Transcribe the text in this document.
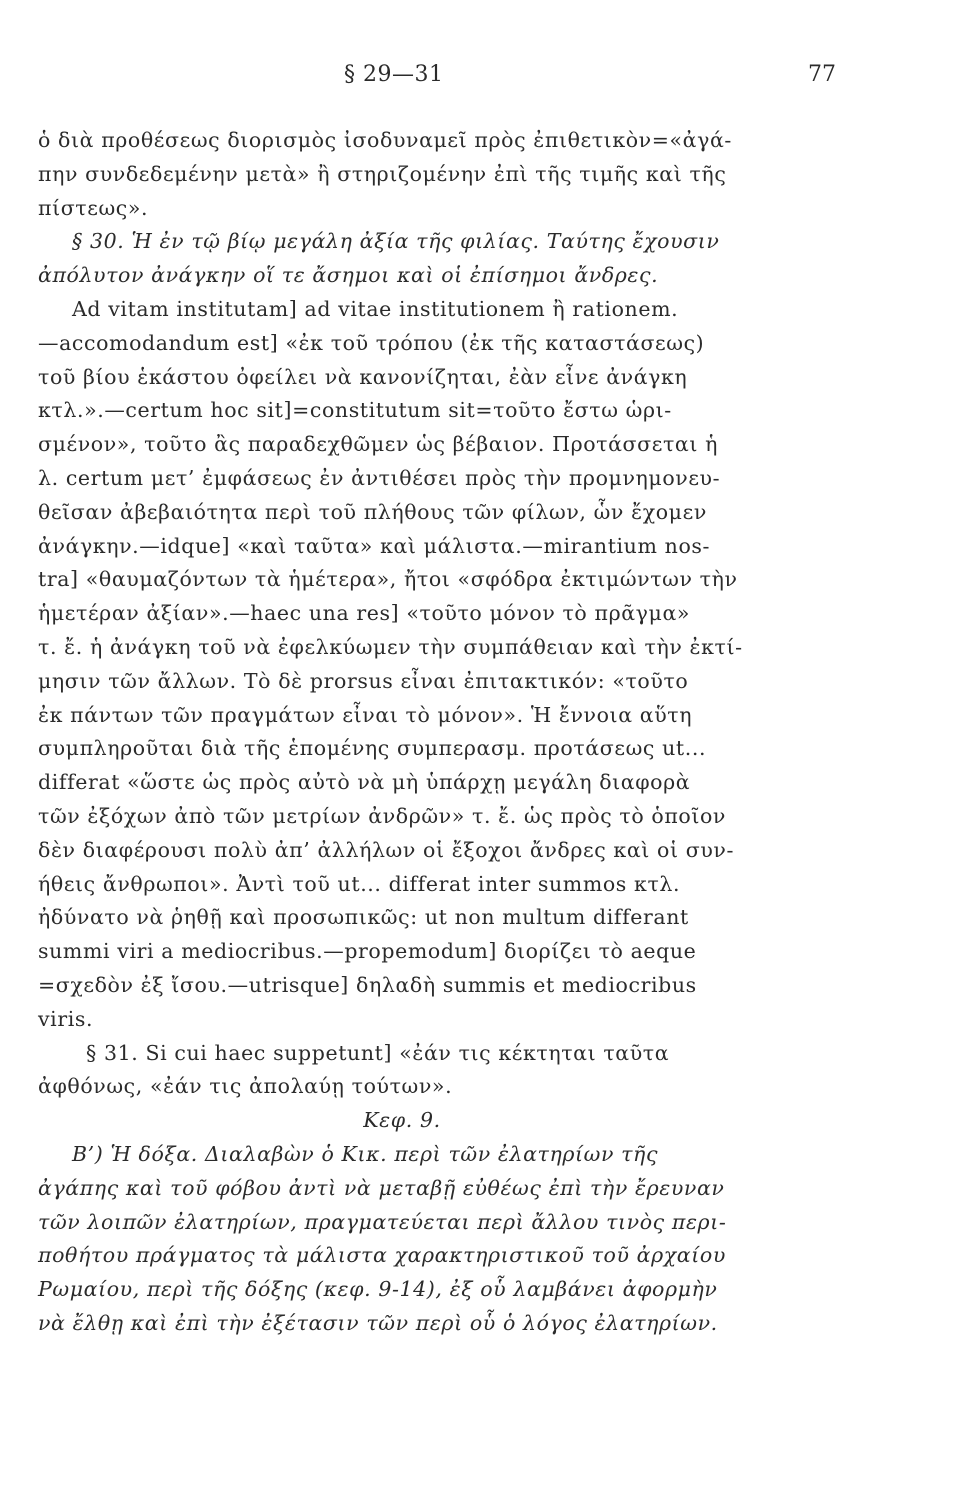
§ 29—31	77
ὁ διὰ προθέσεως διορισμὸς ἰσοδυναμεῖ πρὸς ἐπιθετικὸν=«ἀγά-
πην συνδεδεμένην μετὰ» ἢ στηριζομένην ἐπὶ τῆς τιμῆς καὶ τῆς
πίστεως».
§ 30. Ἡ ἐν τῷ βίῳ μεγάλη ἀξία τῆς φιλίας. Ταύτης ἔχουσιν
ἀπόλυτον ἀνάγκην οἵ τε ἄσημοι καὶ οἱ ἐπίσημοι ἄνδρες.
Ad vitam institutam] ad vitae institutionem ἢ rationem.
—accomodandum est] «ἐκ τοῦ τρόπου (ἐκ τῆς καταστάσεως)
τοῦ βίου ἑκάστου ὀφείλει νὰ κανονίζηται, ἐὰν εἶνε ἀνάγκη
κτλ.».—certum hoc sit]=constitutum sit=τοῦτο ἔστω ὡρι-
σμένον», τοῦτο ἂς παραδεχθῶμεν ὡς βέβαιον. Προτάσσεται ἡ
λ. certum μετ’ ἐμφάσεως ἐν ἀντιθέσει πρὸς τὴν προμνημονευ-
θεῖσαν ἀβεβαιότητα περὶ τοῦ πλήθους τῶν φίλων, ὧν ἔχομεν
ἀνάγκην.—idque] «καὶ ταῦτα» καὶ μάλιστα.—mirantium nos-
tra] «θαυμαζόντων τὰ ἡμέτερα», ἤτοι «σφόδρα ἐκτιμώντων τὴν
ἡμετέραν ἀξίαν».—haec una res] «τοῦτο μόνον τὸ πρᾶγμα»
τ. ἔ. ἡ ἀνάγκη τοῦ νὰ ἐφελκύωμεν τὴν συμπάθειαν καὶ τὴν ἐκτί-
μησιν τῶν ἄλλων. Τὸ δὲ prorsus εἶναι ἐπιτακτικόν: «τοῦτο
ἐκ πάντων τῶν πραγμάτων εἶναι τὸ μόνον». Ἡ ἔννοια αὕτη
συμπληροῦται διὰ τῆς ἑπομένης συμπερασμ. προτάσεως ut...
differat «ὥστε ὡς πρὸς αὐτὸ νὰ μὴ ὑπάρχῃ μεγάλη διαφορὰ
τῶν ἐξόχων ἀπὸ τῶν μετρίων ἀνδρῶν» τ. ἔ. ὡς πρὸς τὸ ὁποῖον
δὲν διαφέρουσι πολὺ ἀπ’ ἀλλήλων οἱ ἔξοχοι ἄνδρες καὶ οἱ συν-
ήθεις ἄνθρωποι». Ἀντὶ τοῦ ut... differat inter summos κτλ.
ἠδύνατο νὰ ῥηθῇ καὶ προσωπικῶς: ut non multum differant
summi viri a mediocribus.—propemodum] διορίζει τὸ aeque
=σχεδὸν ἐξ ἴσου.—utrisque] δηλαδὴ summis et mediocribus
viris.
§ 31. Si cui haec suppetunt] «ἐάν τις κέκτηται ταῦτα
ἀφθόνως, «ἐάν τις ἀπολαύῃ τούτων».
Κεφ. 9.
Β’) Ἡ δόξα. Διαλαβὼν ὁ Κικ. περὶ τῶν ἐλατηρίων τῆς
ἀγάπης καὶ τοῦ φόβου ἀντὶ νὰ μεταβῇ εὐθέως ἐπὶ τὴν ἔρευναν
τῶν λοιπῶν ἐλατηρίων, πραγματεύεται περὶ ἄλλου τινὸς περι-
ποθήτου πράγματος τὰ μάλιστα χαρακτηριστικοῦ τοῦ ἀρχαίου
Ρωμαίου, περὶ τῆς δόξης (κεφ. 9-14), ἐξ οὗ λαμβάνει ἀφορμὴν
νὰ ἔλθῃ καὶ ἐπὶ τὴν ἐξέτασιν τῶν περὶ οὗ ὁ λόγος ἐλατηρίων.
